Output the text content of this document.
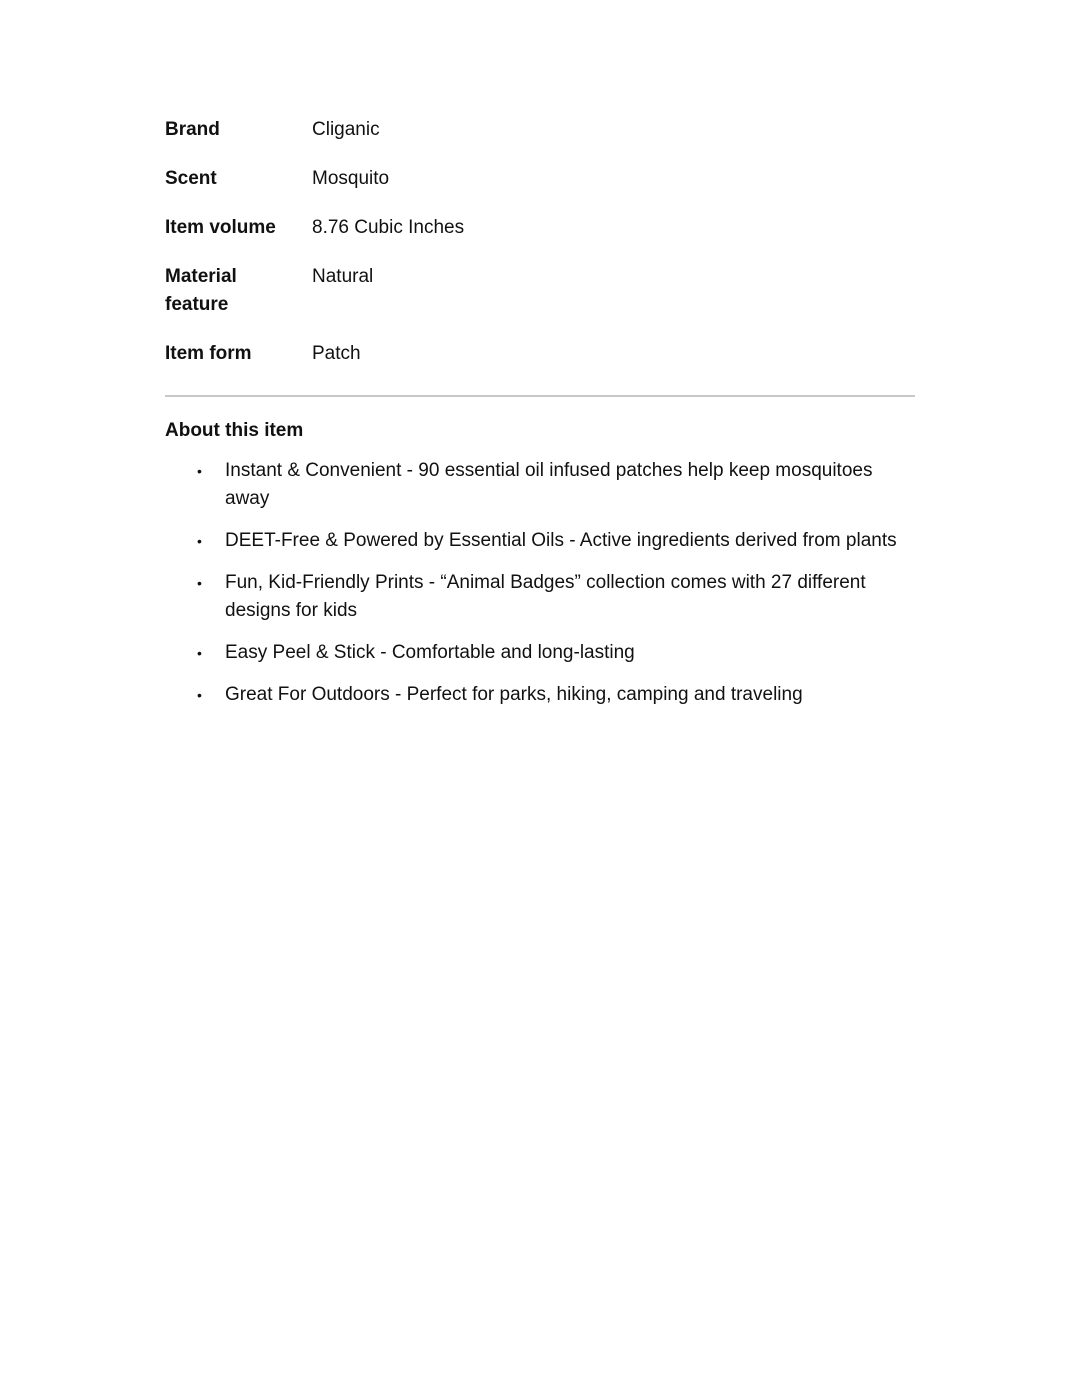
Brand	Cliganic
Scent	Mosquito
Item volume	8.76 Cubic Inches
Material feature	Natural
Item form	Patch
About this item
• Instant & Convenient - 90 essential oil infused patches help keep mosquitoes away
• DEET-Free & Powered by Essential Oils - Active ingredients derived from plants
• Fun, Kid-Friendly Prints - “Animal Badges” collection comes with 27 different designs for kids
• Easy Peel & Stick - Comfortable and long-lasting
• Great For Outdoors - Perfect for parks, hiking, camping and traveling
